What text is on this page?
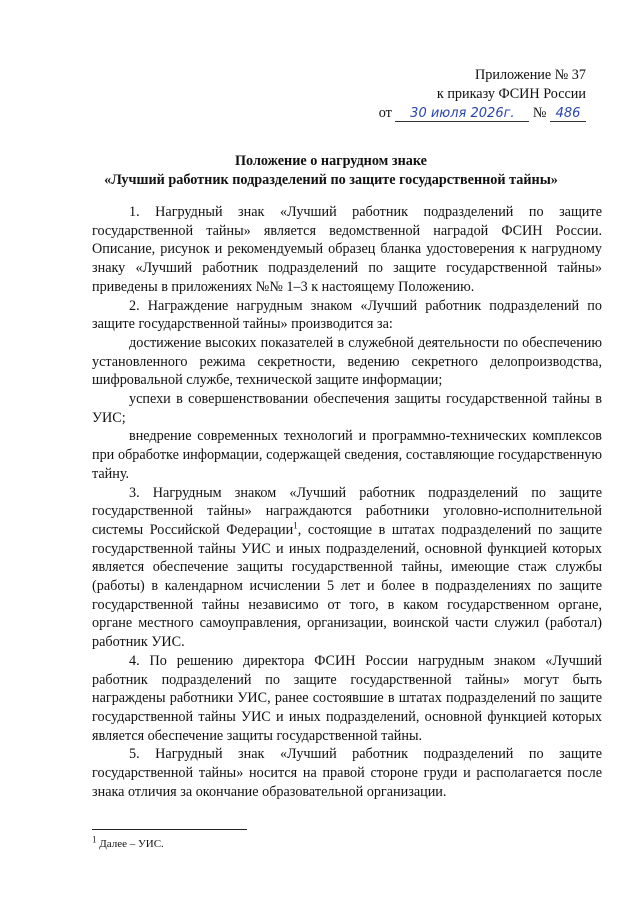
Приложение № 37
к приказу ФСИН России
от 30 июля 2026г. № 486
Положение о нагрудном знаке
«Лучший работник подразделений по защите государственной тайны»

1. Нагрудный знак «Лучший работник подразделений по защите государственной тайны» является ведомственной наградой ФСИН России. Описание, рисунок и рекомендуемый образец бланка удостоверения к нагрудному знаку «Лучший работник подразделений по защите государственной тайны» приведены в приложениях №№ 1–3 к настоящему Положению.

2. Награждение нагрудным знаком «Лучший работник подразделений по защите государственной тайны» производится за:

достижение высоких показателей в служебной деятельности по обеспечению установленного режима секретности, ведению секретного делопроизводства, шифровальной службе, технической защите информации;

успехи в совершенствовании обеспечения защиты государственной тайны в УИС;

внедрение современных технологий и программно-технических комплексов при обработке информации, содержащей сведения, составляющие государственную тайну.

3. Нагрудным знаком «Лучший работник подразделений по защите государственной тайны» награждаются работники уголовно-исполнительной системы Российской Федерации$^1$, состоящие в штатах подразделений по защите государственной тайны УИС и иных подразделений, основной функцией которых является обеспечение защиты государственной тайны, имеющие стаж службы (работы) в календарном исчислении 5 лет и более в подразделениях по защите государственной тайны независимо от того, в каком государственном органе, органе местного самоуправления, организации, воинской части служил (работал) работник УИС.

4. По решению директора ФСИН России нагрудным знаком «Лучший работник подразделений по защите государственной тайны» могут быть награждены работники УИС, ранее состоявшие в штатах подразделений по защите государственной тайны УИС и иных подразделений, основной функцией которых является обеспечение защиты государственной тайны.

5. Нагрудный знак «Лучший работник подразделений по защите государственной тайны» носится на правой стороне груди и располагается после знака отличия за окончание образовательной организации.

$^1$ Далее – УИС.
